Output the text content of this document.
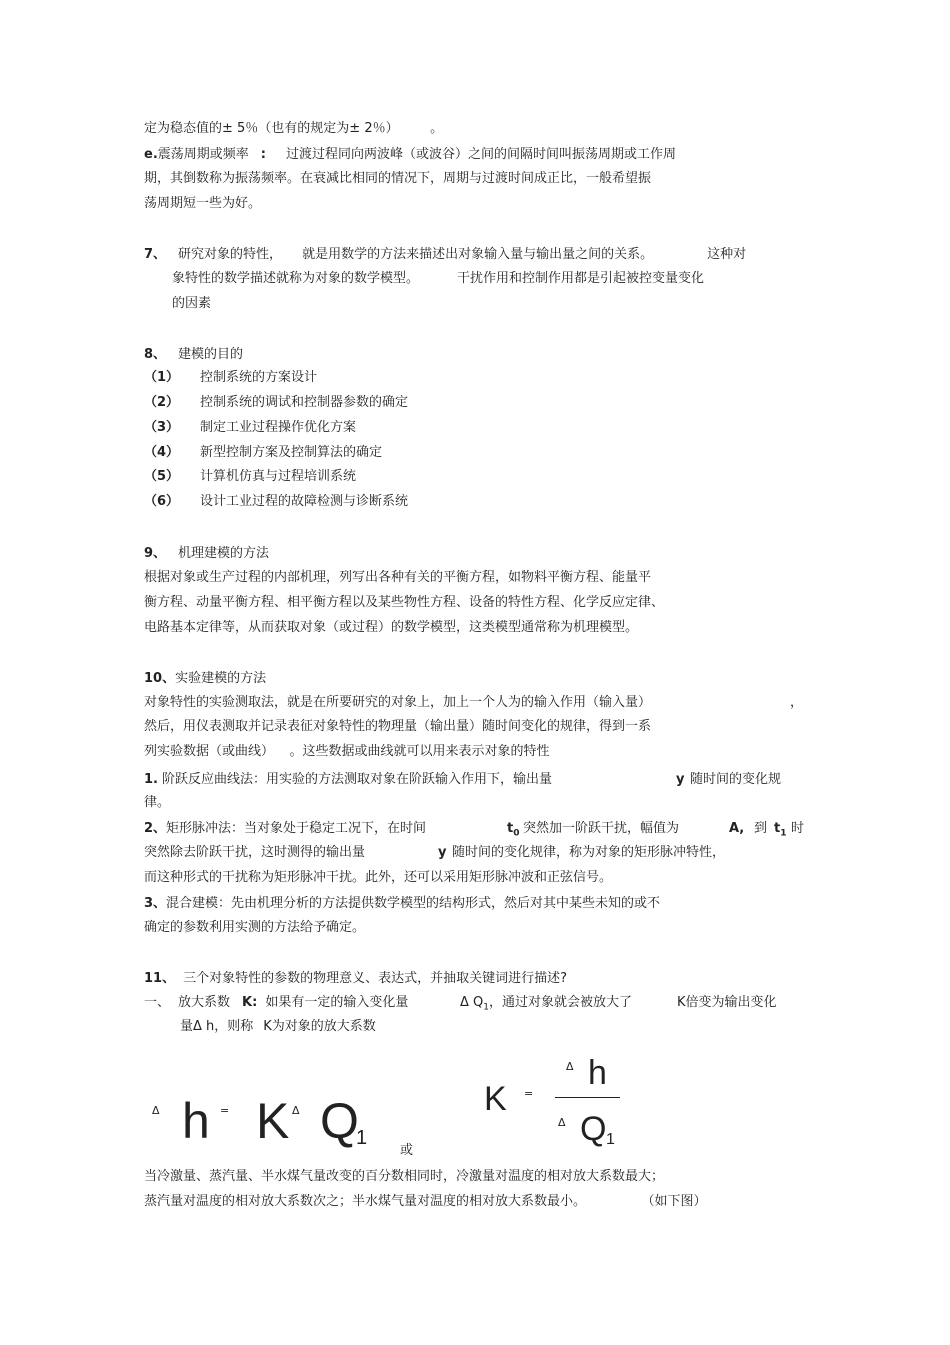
定为稳态值的± 5％（也有的规定为± 2％）	。
e.震荡周期或频率 : 过渡过程同向两波峰（或波谷）之间的间隔时间叫振荡周期或工作周
期，其倒数称为振荡频率。在衰减比相同的情况下，周期与过渡时间成正比，一般希望振
荡周期短一些为好。
7、 研究对象的特性， 就是用数学的方法来描述出对象输入量与输出量之间的关系。	这种对
象特性的数学描述就称为对象的数学模型。	干扰作用和控制作用都是引起被控变量变化
的因素
8、 建模的目的
（1） 控制系统的方案设计
（2） 控制系统的调试和控制器参数的确定
（3） 制定工业过程操作优化方案
（4） 新型控制方案及控制算法的确定
（5） 计算机仿真与过程培训系统
（6） 设计工业过程的故障检测与诊断系统
9、 机理建模的方法
根据对象或生产过程的内部机理，列写出各种有关的平衡方程，如物料平衡方程、能量平
衡方程、动量平衡方程、相平衡方程以及某些物性方程、设备的特性方程、化学反应定律、
电路基本定律等，从而获取对象（或过程）的数学模型，这类模型通常称为机理模型。
10、实验建模的方法
对象特性的实验测取法，就是在所要研究的对象上，加上一个人为的输入作用（输入量）	，
然后，用仪表测取并记录表征对象特性的物理量（输出量）随时间变化的规律，得到一系
列实验数据（或曲线） 。这些数据或曲线就可以用来表示对象的特性
1. 阶跃反应曲线法：用实验的方法测取对象在阶跃输入作用下，输出量	y 随时间的变化规
律。
2、矩形脉冲法：当对象处于稳定工况下，在时间	$t_0$ 突然加一阶跃干扰，幅值为	A, 到 $t_1$ 时
突然除去阶跃干扰，这时测得的输出量	y 随时间的变化规律，称为对象的矩形脉冲特性，
而这种形式的干扰称为矩形脉冲干扰。此外，还可以采用矩形脉冲波和正弦信号。
3、混合建模：先由机理分析的方法提供数学模型的结构形式，然后对其中某些未知的或不
确定的参数利用实测的方法给予确定。
11、 三个对象特性的参数的物理意义、表达式，并抽取关键词进行描述?
一、 放大系数 K: 如果有一定的输入变化量	Δ $Q_1$ ，通过对象就会被放大了	K倍变为输出变化
量Δ h，则称 K为对象的放大系数
Δ h = K Δ Q
1
或
K =
Δ h
Δ Q 1
当冷激量、蒸汽量、半水煤气量改变的百分数相同时，冷激量对温度的相对放大系数最大；
蒸汽量对温度的相对放大系数次之；半水煤气量对温度的相对放大系数最小。	（如下图）
